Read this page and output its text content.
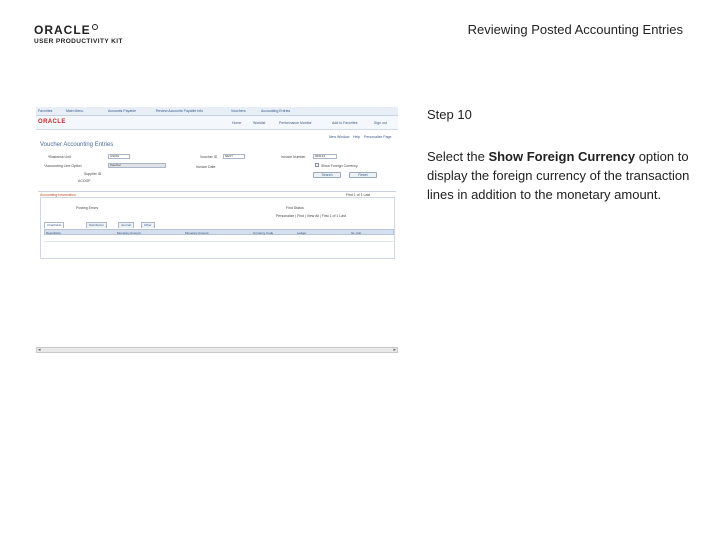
ORACLE
USER PRODUCTIVITY KIT
Reviewing Posted Accounting Entries
Favorites	Main Menu	Accounts Payable	Review Accounts Payable Info	Vouchers	Accounting Entries
ORACLE	Home	Worklist	Performance Monitor	Add to Favorites	Sign out
New Window Help Personalize Page
Voucher Accounting Entries
*Business Unit	US001	Voucher ID	NEXT	Invoice Number	000123
*Accounting Line Option	Voucher	Invoice Date	Show Foreign Currency
Supplier ID	Search	Reset
ACOGP
Accounting Information	First 1 of 1 Last
Posting Errors	Find Status
Personalize | Find | View All | First 1 of 1 Last
Chartfields	Distribution	Journal	Other
Description	Monetary Amount	Monetary Amount	Currency Code	Ledger	GL Unit
◂	▸
Step 10
Select the Show Foreign Currency option to display the foreign currency of the transaction lines in addition to the monetary amount.
